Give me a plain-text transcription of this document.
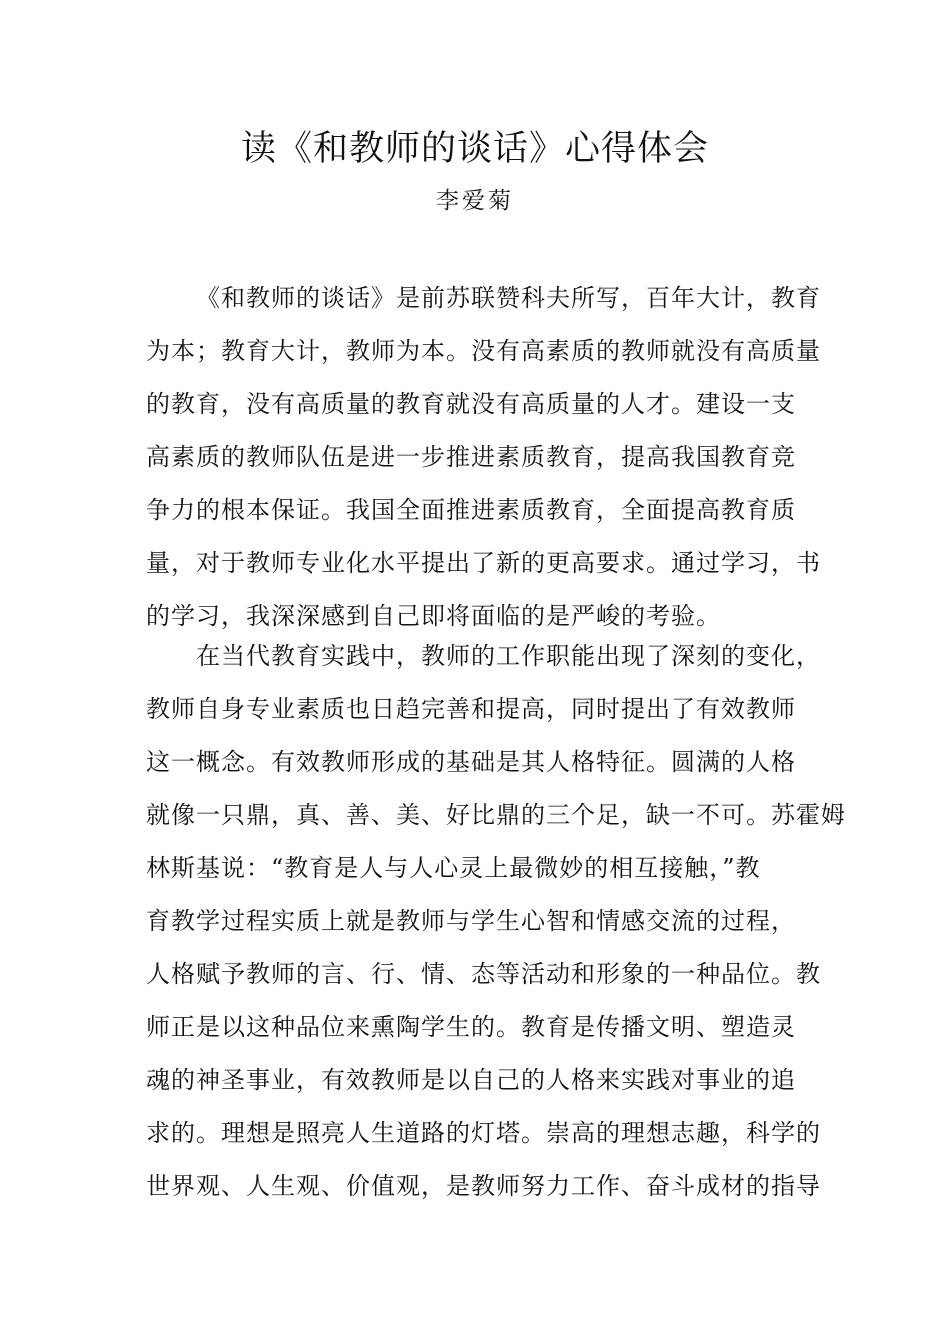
读《和教师的谈话》心得体会
李爱菊
《和教师的谈话》是前苏联赞科夫所写，百年大计，教育
为本；教育大计，教师为本。没有高素质的教师就没有高质量
的教育，没有高质量的教育就没有高质量的人才。建设一支
高素质的教师队伍是进一步推进素质教育，提高我国教育竞
争力的根本保证。我国全面推进素质教育，全面提高教育质
量，对于教师专业化水平提出了新的更高要求。通过学习，书
的学习，我深深感到自己即将面临的是严峻的考验。
在当代教育实践中，教师的工作职能出现了深刻的变化，
教师自身专业素质也日趋完善和提高，同时提出了有效教师
这一概念。有效教师形成的基础是其人格特征。圆满的人格
就像一只鼎，真、善、美、好比鼎的三个足，缺一不可。苏霍姆
林斯基说：“教育是人与人心灵上最微妙的相互接触，”教
育教学过程实质上就是教师与学生心智和情感交流的过程，
人格赋予教师的言、行、情、态等活动和形象的一种品位。教
师正是以这种品位来熏陶学生的。教育是传播文明、塑造灵
魂的神圣事业，有效教师是以自己的人格来实践对事业的追
求的。理想是照亮人生道路的灯塔。崇高的理想志趣，科学的
世界观、人生观、价值观，是教师努力工作、奋斗成材的指导
